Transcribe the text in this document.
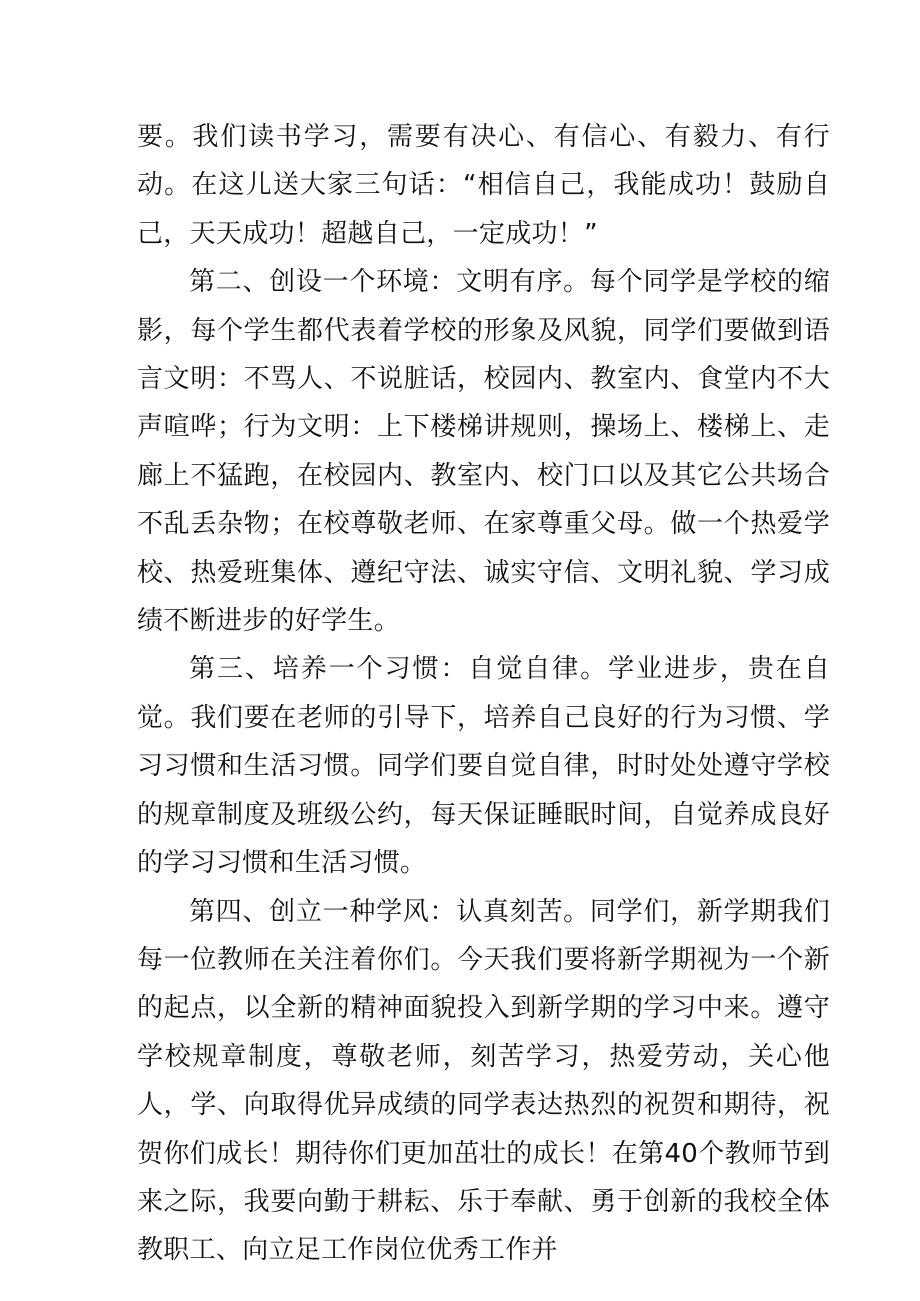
要。我们读书学习，需要有决心、有信心、有毅力、有行动。在这儿送大家三句话：“相信自己，我能成功！鼓励自己，天天成功！超越自己，一定成功！”

第二、创设一个环境：文明有序。每个同学是学校的缩影，每个学生都代表着学校的形象及风貌，同学们要做到语言文明：不骂人、不说脏话，校园内、教室内、食堂内不大声喧哗；行为文明：上下楼梯讲规则，操场上、楼梯上、走廊上不猛跑，在校园内、教室内、校门口以及其它公共场合不乱丢杂物；在校尊敬老师、在家尊重父母。做一个热爱学校、热爱班集体、遵纪守法、诚实守信、文明礼貌、学习成绩不断进步的好学生。

第三、培养一个习惯：自觉自律。学业进步，贵在自觉。我们要在老师的引导下，培养自己良好的行为习惯、学习习惯和生活习惯。同学们要自觉自律，时时处处遵守学校的规章制度及班级公约，每天保证睡眠时间，自觉养成良好的学习习惯和生活习惯。

第四、创立一种学风：认真刻苦。同学们，新学期我们每一位教师在关注着你们。今天我们要将新学期视为一个新的起点，以全新的精神面貌投入到新学期的学习中来。遵守学校规章制度，尊敬老师，刻苦学习，热爱劳动，关心他人，学、向取得优异成绩的同学表达热烈的祝贺和期待，祝贺你们成长！期待你们更加茁壮的成长！在第40个教师节到来之际，我要向勤于耕耘、乐于奉献、勇于创新的我校全体教职工、向立足工作岗位优秀工作并
